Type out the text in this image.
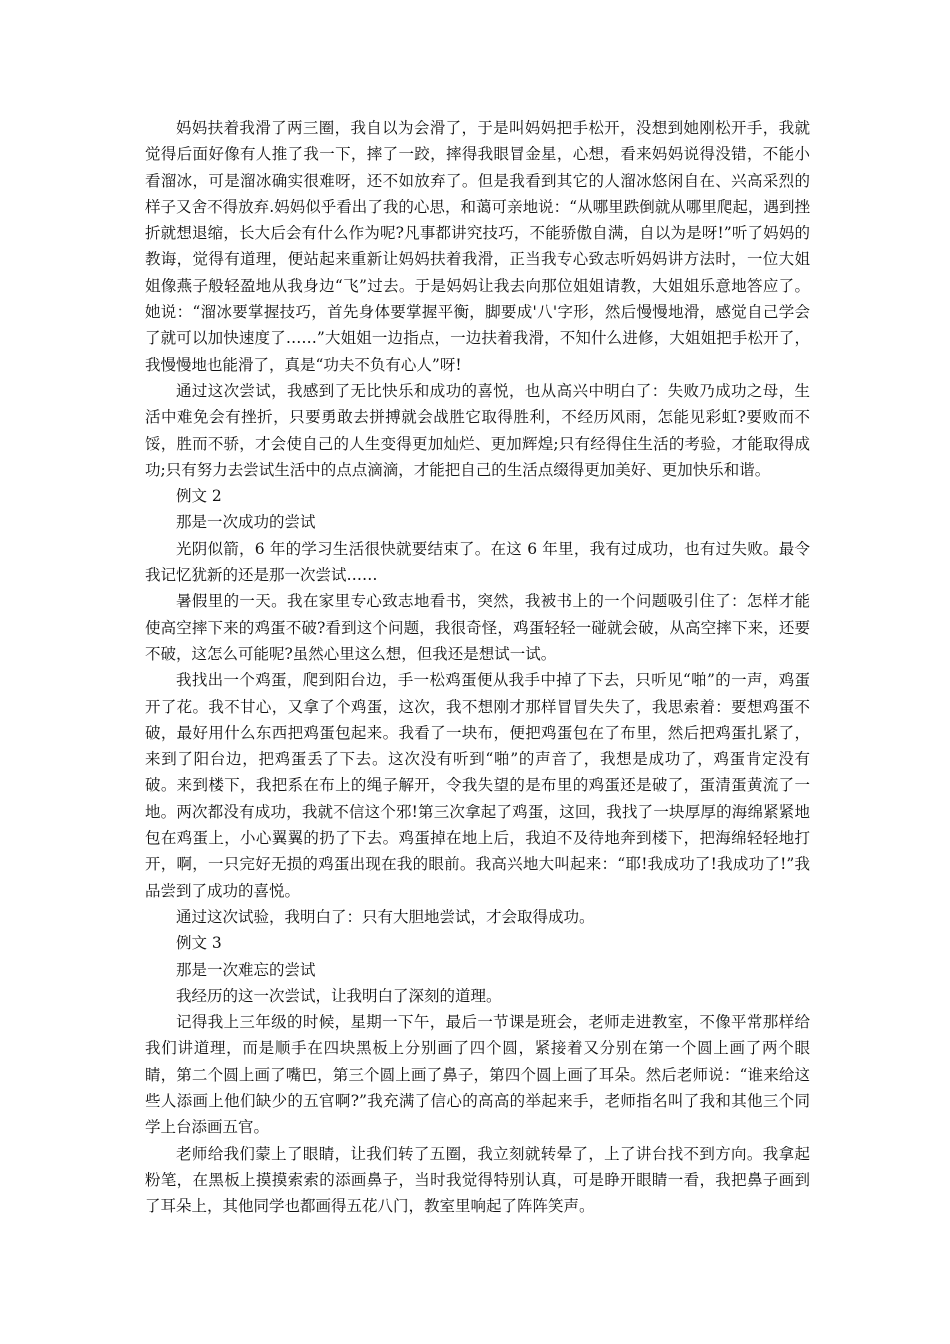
妈妈扶着我滑了两三圈，我自以为会滑了，于是叫妈妈把手松开，没想到她刚松开手，我就觉得后面好像有人推了我一下，摔了一跤，摔得我眼冒金星，心想，看来妈妈说得没错，不能小看溜冰，可是溜冰确实很难呀，还不如放弃了。但是我看到其它的人溜冰悠闲自在、兴高采烈的样子又舍不得放弃.妈妈似乎看出了我的心思，和蔼可亲地说：“从哪里跌倒就从哪里爬起，遇到挫折就想退缩，长大后会有什么作为呢?凡事都讲究技巧，不能骄傲自满，自以为是呀!”听了妈妈的教诲，觉得有道理，便站起来重新让妈妈扶着我滑，正当我专心致志听妈妈讲方法时，一位大姐姐像燕子般轻盈地从我身边“飞”过去。于是妈妈让我去向那位姐姐请教，大姐姐乐意地答应了。她说：“溜冰要掌握技巧，首先身体要掌握平衡，脚要成'八'字形，然后慢慢地滑，感觉自己学会了就可以加快速度了……”大姐姐一边指点，一边扶着我滑，不知什么进修，大姐姐把手松开了，我慢慢地也能滑了，真是“功夫不负有心人”呀!

通过这次尝试，我感到了无比快乐和成功的喜悦，也从高兴中明白了：失败乃成功之母，生活中难免会有挫折，只要勇敢去拼搏就会战胜它取得胜利，不经历风雨，怎能见彩虹?要败而不馁，胜而不骄，才会使自己的人生变得更加灿烂、更加辉煌;只有经得住生活的考验，才能取得成功;只有努力去尝试生活中的点点滴滴，才能把自己的生活点缀得更加美好、更加快乐和谐。

例文 2

那是一次成功的尝试

光阴似箭，6 年的学习生活很快就要结束了。在这 6 年里，我有过成功，也有过失败。最令我记忆犹新的还是那一次尝试……

暑假里的一天。我在家里专心致志地看书，突然，我被书上的一个问题吸引住了：怎样才能使高空摔下来的鸡蛋不破?看到这个问题，我很奇怪，鸡蛋轻轻一碰就会破，从高空摔下来，还要不破，这怎么可能呢?虽然心里这么想，但我还是想试一试。

我找出一个鸡蛋，爬到阳台边，手一松鸡蛋便从我手中掉了下去，只听见“啪”的一声，鸡蛋开了花。我不甘心，又拿了个鸡蛋，这次，我不想刚才那样冒冒失失了，我思索着：要想鸡蛋不破，最好用什么东西把鸡蛋包起来。我看了一块布，便把鸡蛋包在了布里，然后把鸡蛋扎紧了，来到了阳台边，把鸡蛋丢了下去。这次没有听到“啪”的声音了，我想是成功了，鸡蛋肯定没有破。来到楼下，我把系在布上的绳子解开，令我失望的是布里的鸡蛋还是破了，蛋清蛋黄流了一地。两次都没有成功，我就不信这个邪!第三次拿起了鸡蛋，这回，我找了一块厚厚的海绵紧紧地包在鸡蛋上，小心翼翼的扔了下去。鸡蛋掉在地上后，我迫不及待地奔到楼下，把海绵轻轻地打开，啊，一只完好无损的鸡蛋出现在我的眼前。我高兴地大叫起来：“耶!我成功了!我成功了!”我品尝到了成功的喜悦。

通过这次试验，我明白了：只有大胆地尝试，才会取得成功。

例文 3

那是一次难忘的尝试

我经历的这一次尝试，让我明白了深刻的道理。

记得我上三年级的时候，星期一下午，最后一节课是班会，老师走进教室，不像平常那样给我们讲道理，而是顺手在四块黑板上分别画了四个圆，紧接着又分别在第一个圆上画了两个眼睛，第二个圆上画了嘴巴，第三个圆上画了鼻子，第四个圆上画了耳朵。然后老师说：“谁来给这些人添画上他们缺少的五官啊?”我充满了信心的高高的举起来手，老师指名叫了我和其他三个同学上台添画五官。

老师给我们蒙上了眼睛，让我们转了五圈，我立刻就转晕了，上了讲台找不到方向。我拿起粉笔，在黑板上摸摸索索的添画鼻子，当时我觉得特别认真，可是睁开眼睛一看，我把鼻子画到了耳朵上，其他同学也都画得五花八门，教室里响起了阵阵笑声。
